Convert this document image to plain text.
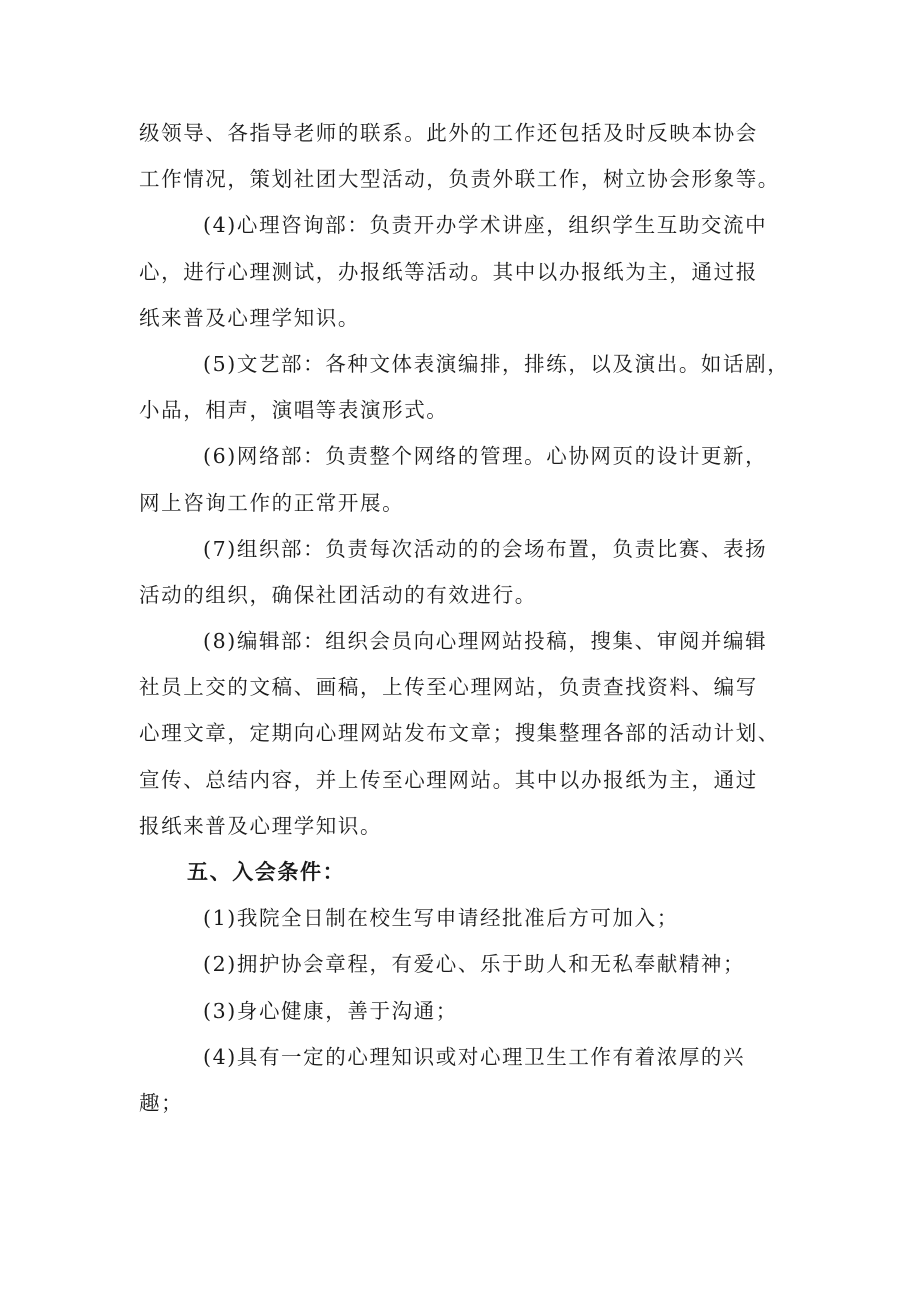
级领导、各指导老师的联系。此外的工作还包括及时反映本协会
工作情况，策划社团大型活动，负责外联工作，树立协会形象等。
(4)心理咨询部：负责开办学术讲座，组织学生互助交流中
心，进行心理测试，办报纸等活动。其中以办报纸为主，通过报
纸来普及心理学知识。
(5)文艺部：各种文体表演编排，排练，以及演出。如话剧，
小品，相声，演唱等表演形式。
(6)网络部：负责整个网络的管理。心协网页的设计更新，
网上咨询工作的正常开展。
(7)组织部：负责每次活动的的会场布置，负责比赛、表扬
活动的组织，确保社团活动的有效进行。
(8)编辑部：组织会员向心理网站投稿，搜集、审阅并编辑
社员上交的文稿、画稿，上传至心理网站，负责查找资料、编写
心理文章，定期向心理网站发布文章；搜集整理各部的活动计划、
宣传、总结内容，并上传至心理网站。其中以办报纸为主，通过
报纸来普及心理学知识。
五、入会条件：
(1)我院全日制在校生写申请经批准后方可加入；
(2)拥护协会章程，有爱心、乐于助人和无私奉献精神；
(3)身心健康，善于沟通；
(4)具有一定的心理知识或对心理卫生工作有着浓厚的兴
趣；
